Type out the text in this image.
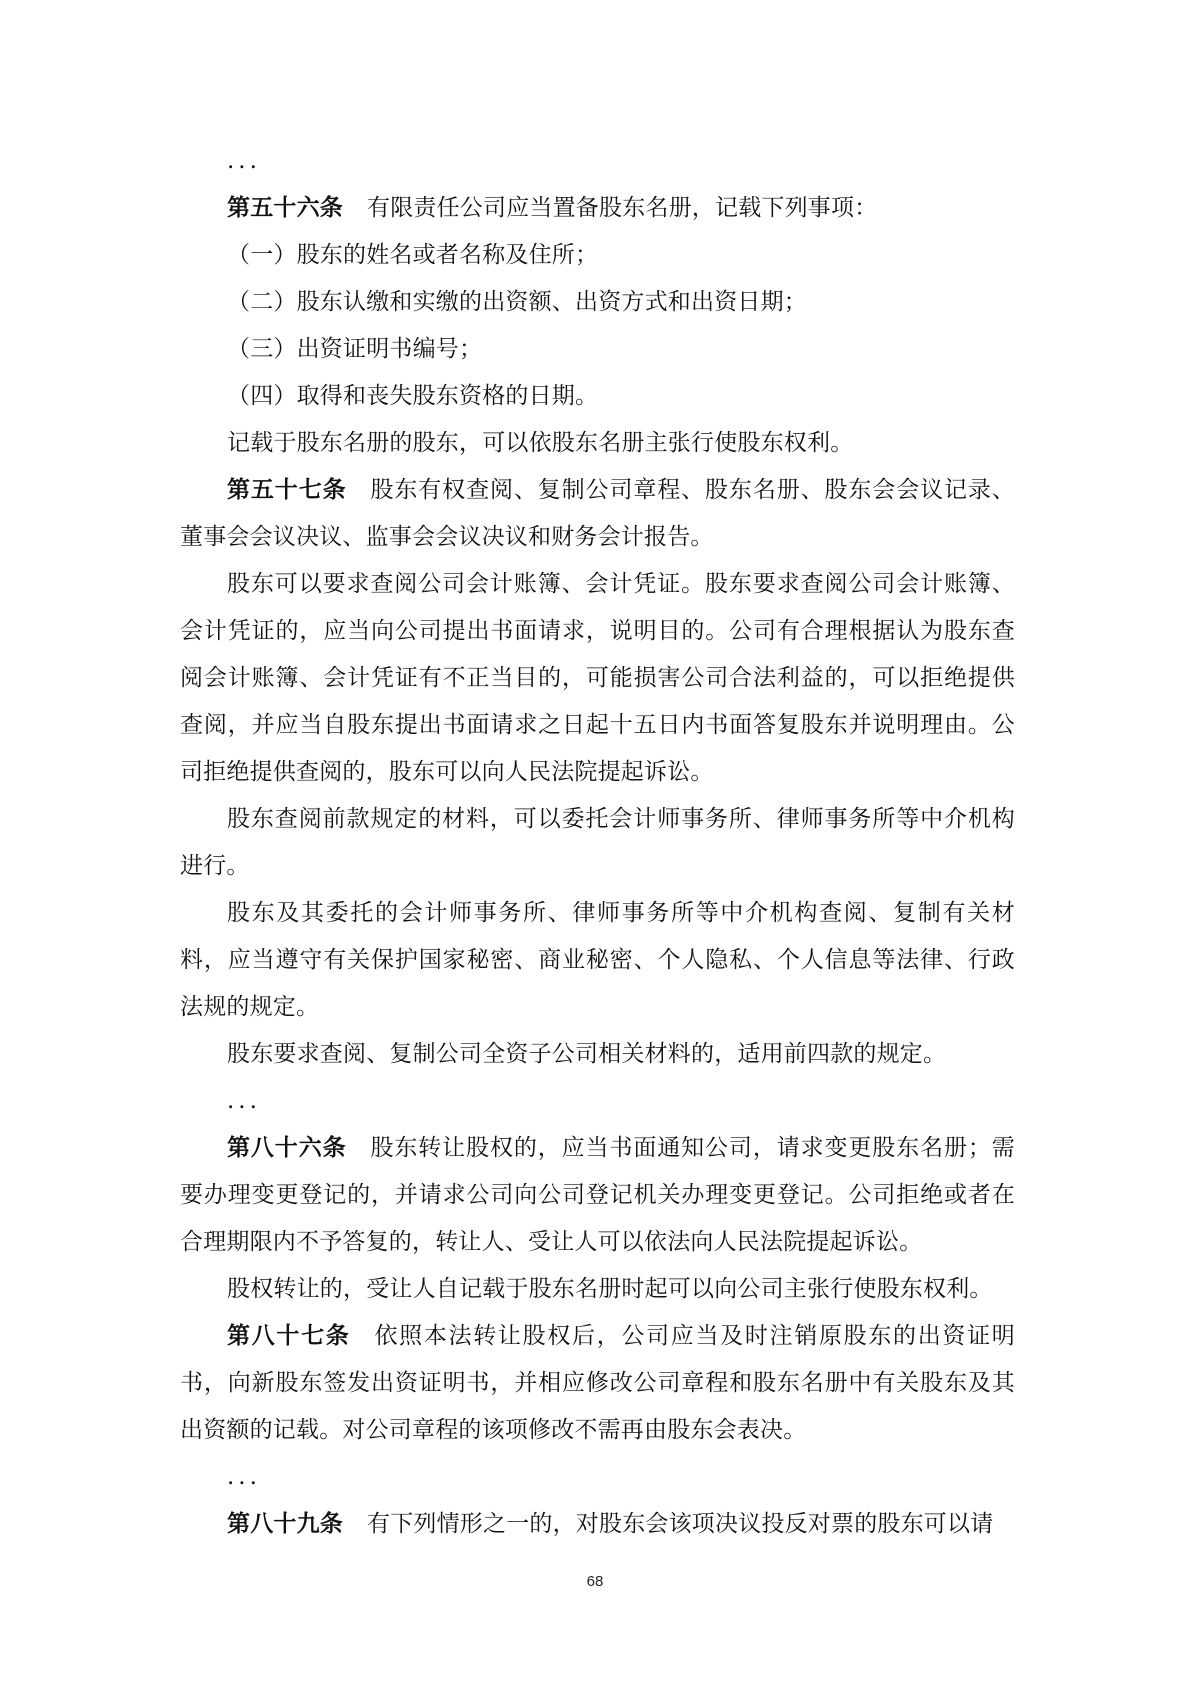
...

第五十六条 有限责任公司应当置备股东名册，记载下列事项：

（一）股东的姓名或者名称及住所；

（二）股东认缴和实缴的出资额、出资方式和出资日期；

（三）出资证明书编号；

（四）取得和丧失股东资格的日期。

记载于股东名册的股东，可以依股东名册主张行使股东权利。

第五十七条 股东有权查阅、复制公司章程、股东名册、股东会会议记录、董事会会议决议、监事会会议决议和财务会计报告。

股东可以要求查阅公司会计账簿、会计凭证。股东要求查阅公司会计账簿、会计凭证的，应当向公司提出书面请求，说明目的。公司有合理根据认为股东查阅会计账簿、会计凭证有不正当目的，可能损害公司合法利益的，可以拒绝提供查阅，并应当自股东提出书面请求之日起十五日内书面答复股东并说明理由。公司拒绝提供查阅的，股东可以向人民法院提起诉讼。

股东查阅前款规定的材料，可以委托会计师事务所、律师事务所等中介机构进行。

股东及其委托的会计师事务所、律师事务所等中介机构查阅、复制有关材料，应当遵守有关保护国家秘密、商业秘密、个人隐私、个人信息等法律、行政法规的规定。

股东要求查阅、复制公司全资子公司相关材料的，适用前四款的规定。

...

第八十六条 股东转让股权的，应当书面通知公司，请求变更股东名册；需要办理变更登记的，并请求公司向公司登记机关办理变更登记。公司拒绝或者在合理期限内不予答复的，转让人、受让人可以依法向人民法院提起诉讼。

股权转让的，受让人自记载于股东名册时起可以向公司主张行使股东权利。

第八十七条 依照本法转让股权后，公司应当及时注销原股东的出资证明书，向新股东签发出资证明书，并相应修改公司章程和股东名册中有关股东及其出资额的记载。对公司章程的该项修改不需再由股东会表决。

...

第八十九条 有下列情形之一的，对股东会该项决议投反对票的股东可以请

68
